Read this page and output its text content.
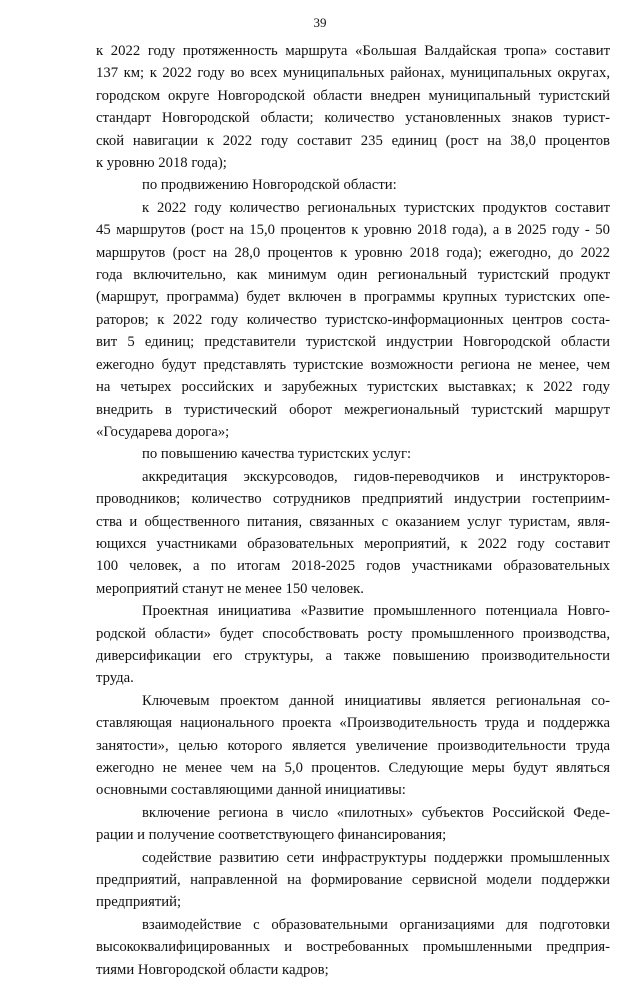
39
к 2022 году протяженность маршрута «Большая Валдайская тропа» составит
137 км; к 2022 году во всех муниципальных районах, муниципальных округах,
городском округе Новгородской области внедрен муниципальный туристский
стандарт Новгородской области; количество установленных знаков турист-
ской навигации к 2022 году составит 235 единиц (рост на 38,0 процентов
к уровню 2018 года);
по продвижению Новгородской области:
к 2022 году количество региональных туристских продуктов составит
45 маршрутов (рост на 15,0 процентов к уровню 2018 года), а в 2025 году - 50
маршрутов (рост на 28,0 процентов к уровню 2018 года); ежегодно, до 2022
года включительно, как минимум один региональный туристский продукт
(маршрут, программа) будет включен в программы крупных туристских опе-
раторов; к 2022 году количество туристско-информационных центров соста-
вит 5 единиц; представители туристской индустрии Новгородской области
ежегодно будут представлять туристские возможности региона не менее, чем
на четырех российских и зарубежных туристских выставках; к 2022 году
внедрить в туристический оборот межрегиональный туристский маршрут
«Государева дорога»;
по повышению качества туристских услуг:
аккредитация экскурсоводов, гидов-переводчиков и инструкторов-
проводников; количество сотрудников предприятий индустрии гостеприим-
ства и общественного питания, связанных с оказанием услуг туристам, явля-
ющихся участниками образовательных мероприятий, к 2022 году составит
100 человек, а по итогам 2018-2025 годов участниками образовательных
мероприятий станут не менее 150 человек.
Проектная инициатива «Развитие промышленного потенциала Новго-
родской области» будет способствовать росту промышленного производства,
диверсификации его структуры, а также повышению производительности
труда.
Ключевым проектом данной инициативы является региональная со-
ставляющая национального проекта «Производительность труда и поддержка
занятости», целью которого является увеличение производительности труда
ежегодно не менее чем на 5,0 процентов. Следующие меры будут являться
основными составляющими данной инициативы:
включение региона в число «пилотных» субъектов Российской Феде-
рации и получение соответствующего финансирования;
содействие развитию сети инфраструктуры поддержки промышленных
предприятий, направленной на формирование сервисной модели поддержки
предприятий;
взаимодействие с образовательными организациями для подготовки
высококвалифицированных и востребованных промышленными предприя-
тиями Новгородской области кадров;
